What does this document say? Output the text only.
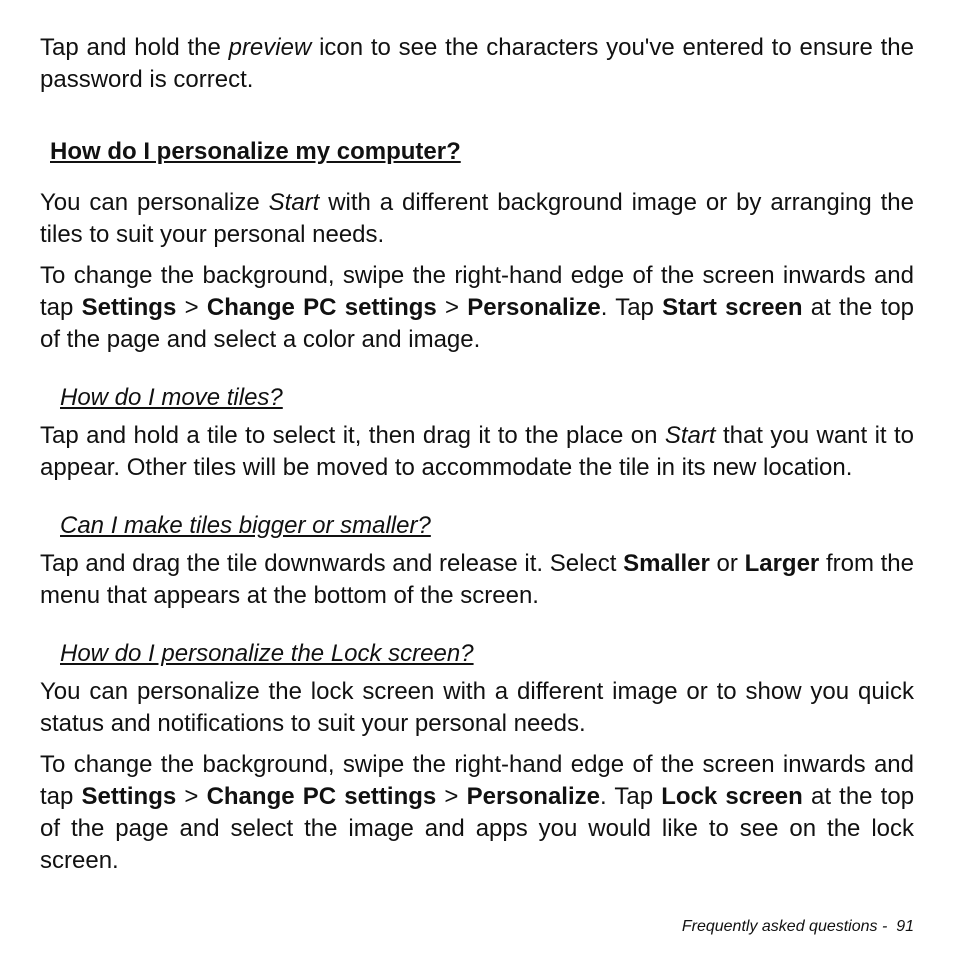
Tap and hold the preview icon to see the characters you've entered to ensure the password is correct.

How do I personalize my computer?

You can personalize Start with a different background image or by arranging the tiles to suit your personal needs.

To change the background, swipe the right-hand edge of the screen inwards and tap Settings > Change PC settings > Personalize. Tap Start screen at the top of the page and select a color and image.

How do I move tiles?

Tap and hold a tile to select it, then drag it to the place on Start that you want it to appear. Other tiles will be moved to accommodate the tile in its new location.

Can I make tiles bigger or smaller?

Tap and drag the tile downwards and release it. Select Smaller or Larger from the menu that appears at the bottom of the screen.

How do I personalize the Lock screen?

You can personalize the lock screen with a different image or to show you quick status and notifications to suit your personal needs.

To change the background, swipe the right-hand edge of the screen inwards and tap Settings > Change PC settings > Personalize. Tap Lock screen at the top of the page and select the image and apps you would like to see on the lock screen.

Frequently asked questions -  91
